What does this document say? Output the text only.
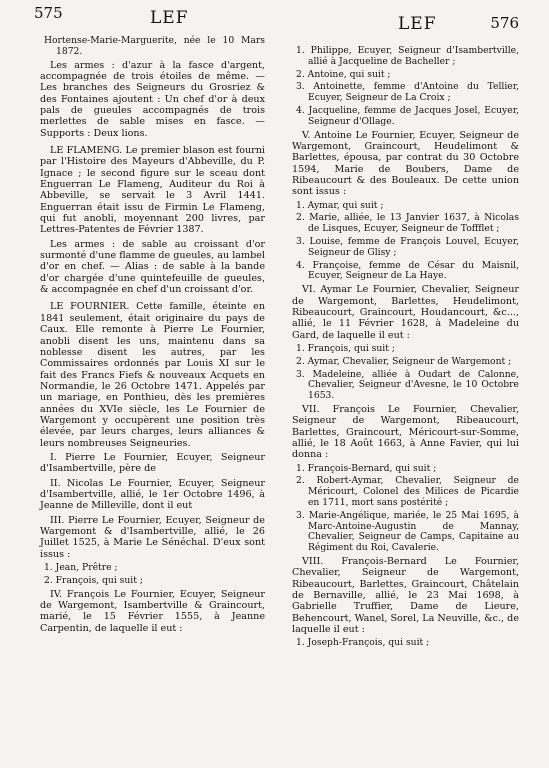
575	LEF	LEF	576

Hortense-Marie-Marguerite, née le 10 Mars 1872.

Les armes : d'azur à la fasce d'argent, accompagnée de trois étoiles de même. — Les branches des Seigneurs du Grosriez & des Fontaines ajoutent : Un chef d'or à deux pals de gueules accompagnés de trois merlettes de sable mises en fasce. — Supports : Deux lions.

LE FLAMENG. Le premier blason est fourni par l'Histoire des Mayeurs d'Abbeville, du P. Ignace ; le second figure sur le sceau dont Enguerran Le Flameng, Auditeur du Roi à Abbeville, se servait le 3 Avril 1441. Enguerran était issu de Firmin Le Flameng, qui fut anobli, moyennant 200 livres, par Lettres-Patentes de Février 1387.

Les armes : de sable au croissant d'or surmonté d'une flamme de gueules, au lambel d'or en chef. — Alias : de sable à la bande d'or chargée d'une quintefeuille de gueules, & accompagnée en chef d'un croissant d'or.

LE FOURNIER. Cette famille, éteinte en 1841 seulement, était originaire du pays de Caux. Elle remonte à Pierre Le Fournier, anobli disent les uns, maintenu dans sa noblesse disent les autres, par les Commissaires ordonnés par Louis XI sur le fait des Francs Fiefs & nouveaux Acquets en Normandie, le 26 Octobre 1471. Appelés par un mariage, en Ponthieu, dès les premières années du XVIe siècle, les Le Fournier de Wargemont y occupèrent une position très élevée, par leurs charges, leurs alliances & leurs nombreuses Seigneuries.

I. Pierre Le Fournier, Ecuyer, Seigneur d'Isambertville, père de

II. Nicolas Le Fournier, Ecuyer, Seigneur d'Isambertville, allié, le 1er Octobre 1496, à Jeanne de Milleville, dont il eut

III. Pierre Le Fournier, Ecuyer, Seigneur de Wargemont & d'Isambertville, allié, le 26 Juillet 1525, à Marie Le Sénéchal. D'eux sont issus :

1. Jean, Prêtre ;

2. François, qui suit ;

IV. François Le Fournier, Ecuyer, Seigneur de Wargemont, Isambertville & Graincourt, marié, le 15 Février 1555, à Jeanne Carpentin, de laquelle il eut :

1. Philippe, Ecuyer, Seigneur d'Isambertville, allié à Jacqueline de Bacheller ;

2. Antoine, qui suit ;

3. Antoinette, femme d'Antoine du Tellier, Ecuyer, Seigneur de La Croix ;

4. Jacqueline, femme de Jacques Josel, Ecuyer, Seigneur d'Ollage.

V. Antoine Le Fournier, Ecuyer, Seigneur de Wargemont, Graincourt, Heudelimont & Barlettes, épousa, par contrat du 30 Octobre 1594, Marie de Boubers, Dame de Ribeaucourt & des Bouleaux. De cette union sont issus :

1. Aymar, qui suit ;

2. Marie, alliée, le 13 Janvier 1637, à Nicolas de Lisques, Ecuyer, Seigneur de Toffflet ;

3. Louise, femme de François Louvel, Ecuyer, Seigneur de Glisy ;

4. Françoise, femme de César du Maisnil, Ecuyer, Seigneur de La Haye.

VI. Aymar Le Fournier, Chevalier, Seigneur de Wargemont, Barlettes, Heudelimont, Ribeaucourt, Graincourt, Houdancourt, &c..., allié, le 11 Février 1628, à Madeleine du Gard, de laquelle il eut :

1. François, qui suit ;

2. Aymar, Chevalier, Seigneur de Wargemont ;

3. Madeleine, alliée à Oudart de Calonne, Chevalier, Seigneur d'Avesne, le 10 Octobre 1653.

VII. François Le Fournier, Chevalier, Seigneur de Wargemont, Ribeaucourt, Barlettes, Graincourt, Méricourt-sur-Somme, allié, le 18 Août 1663, à Anne Favier, qui lui donna :

1. François-Bernard, qui suit ;

2. Robert-Aymar, Chevalier, Seigneur de Méricourt, Colonel des Milices de Picardie en 1711, mort sans postérité ;

3. Marie-Angélique, mariée, le 25 Mai 1695, à Marc-Antoine-Augustin de Mannay, Chevalier, Seigneur de Camps, Capitaine au Régiment du Roi, Cavalerie.

VIII. François-Bernard Le Fournier, Chevalier, Seigneur de Wargemont, Ribeaucourt, Barlettes, Graincourt, Châtelain de Bernaville, allié, le 23 Mai 1698, à Gabrielle Truffier, Dame de Lieure, Behencourt, Wanel, Sorel, La Neuville, &c., de laquelle il eut :

1. Joseph-François, qui suit ;
